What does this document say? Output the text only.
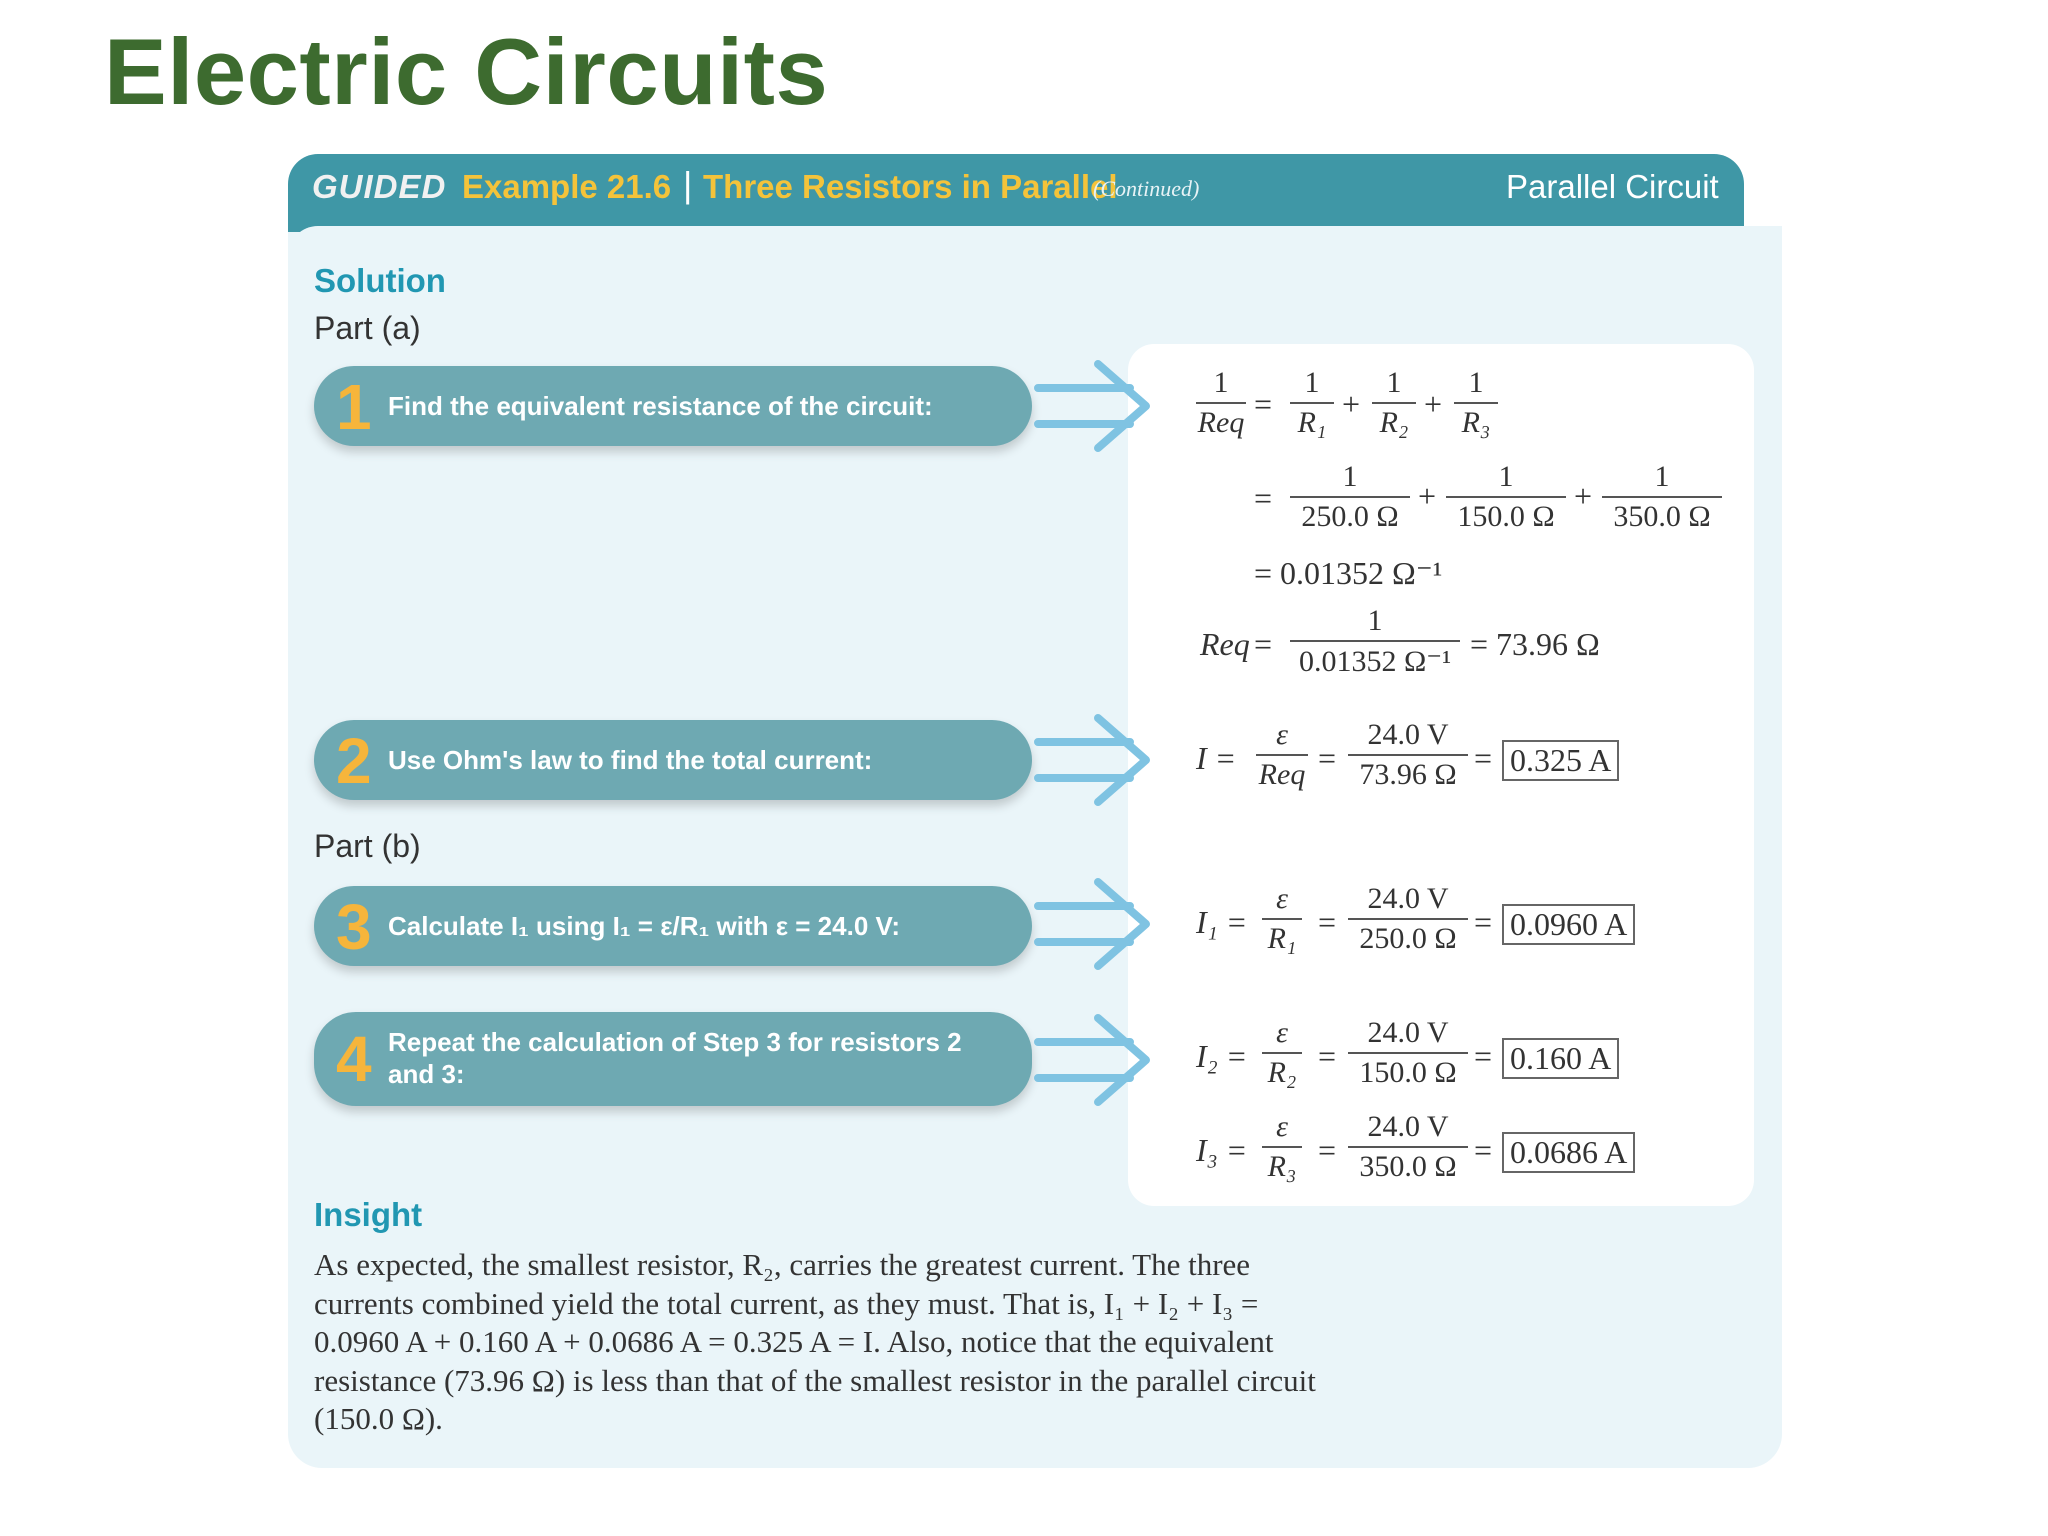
Electric Circuits
GUIDED Example 21.6 | Three Resistors in Parallel
(Continued)	Parallel Circuit
Solution
Part (a)
Part (b)
1 Find the equivalent resistance of the circuit:
2 Use Ohm's law to find the total current:
3 Calculate I₁ using I₁ = ε/R₁ with ε = 24.0 V:
4 Repeat the calculation of Step 3 for resistors 2 and 3:
1
Req
= $\frac{1}{\text{R₁}} + \frac{1}{\text{R₂}} + \frac{1}{\text{R₃}}$
= $\frac{1}{250.0 \Omega} + \frac{1}{150.0 \Omega} + \frac{1}{350.0 \Omega}$
= 0.01352 Ω⁻¹
Req = $\frac{1}{\text{0.01352 Ω⁻¹}} = 73.96$ Ω
I =
ε
Req = $\frac{24.0 V}{73.96 \Omega} = 0.325$ A
$I_1 = \frac{\varepsilon}{\text{R₁}} = \frac{24.0 V}{250.0 \Omega} = 0.0960$ A
$I_2 = \frac{\varepsilon}{\text{R₂}} = \frac{24.0 V}{150.0 \Omega} = 0.160$ A
$I_3 = \frac{\varepsilon}{\text{R₃}} = \frac{24.0 V}{350.0 \Omega} = 0.0686$ A
Insight
As expected, the smallest resistor, R₂, carries the greatest current. The three currents combined yield the total current, as they must. That is, I₁ + I₂ + I₃ = 0.0960 A + 0.160 A + 0.0686 A = 0.325 A = I. Also, notice that the equivalent resistance (73.96 Ω) is less than that of the smallest resistor in the parallel circuit (150.0 Ω).
